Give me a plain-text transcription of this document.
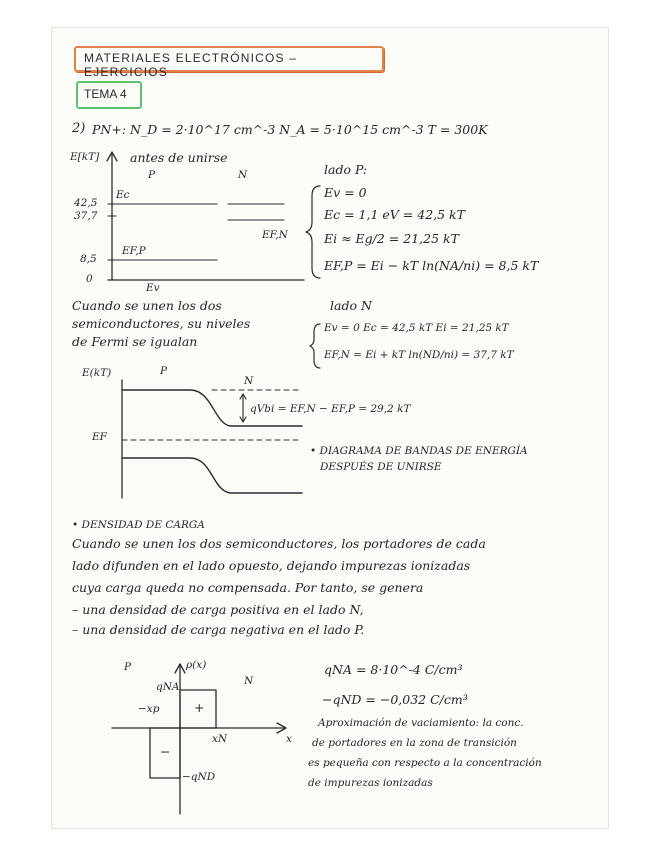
MATERIALES ELECTRÓNICOS – EJERCICIOS
TEMA 4

2) PN+: N_D = 2·10^17 cm^-3 N_A = 5·10^15 cm^-3 T = 300K

E[kT] antes de unirse

P	N

42,5

37,7

8,5

0

Ec

EF,P

Ev

EF,N

lado P:

Ev = 0

Ec = 1,1 eV = 42,5 kT

Ei ≈ Eg/2 = 21,25 kT

EF,P = Ei − kT ln(NA/ni) = 8,5 kT

Cuando se unen los dos

semiconductores, su niveles

de Fermi se igualan

lado N

Ev = 0 Ec = 42,5 kT Ei = 21,25 kT

EF,N = Ei + kT ln(ND/ni) = 37,7 kT

E(kT)	P

N

EF

qVbi = EF,N − EF,P = 29,2 kT

• DIAGRAMA DE BANDAS DE ENERGÍA

DESPUÉS DE UNIRSE

• DENSIDAD DE CARGA

Cuando se unen los dos semiconductores, los portadores de cada

lado difunden en el lado opuesto, dejando impurezas ionizadas

cuya carga queda no compensada. Por tanto, se genera

– una densidad de carga positiva en el lado N,

– una densidad de carga negativa en el lado P.

P

N

ρ(x)

qNA

−xp

xN	x

+

−

−qND

qNA = 8·10^-4 C/cm³

−qND = −0,032 C/cm³

Aproximación de vaciamiento: la conc.

de portadores en la zona de transición

es pequeña con respecto a la concentración

de impurezas ionizadas
